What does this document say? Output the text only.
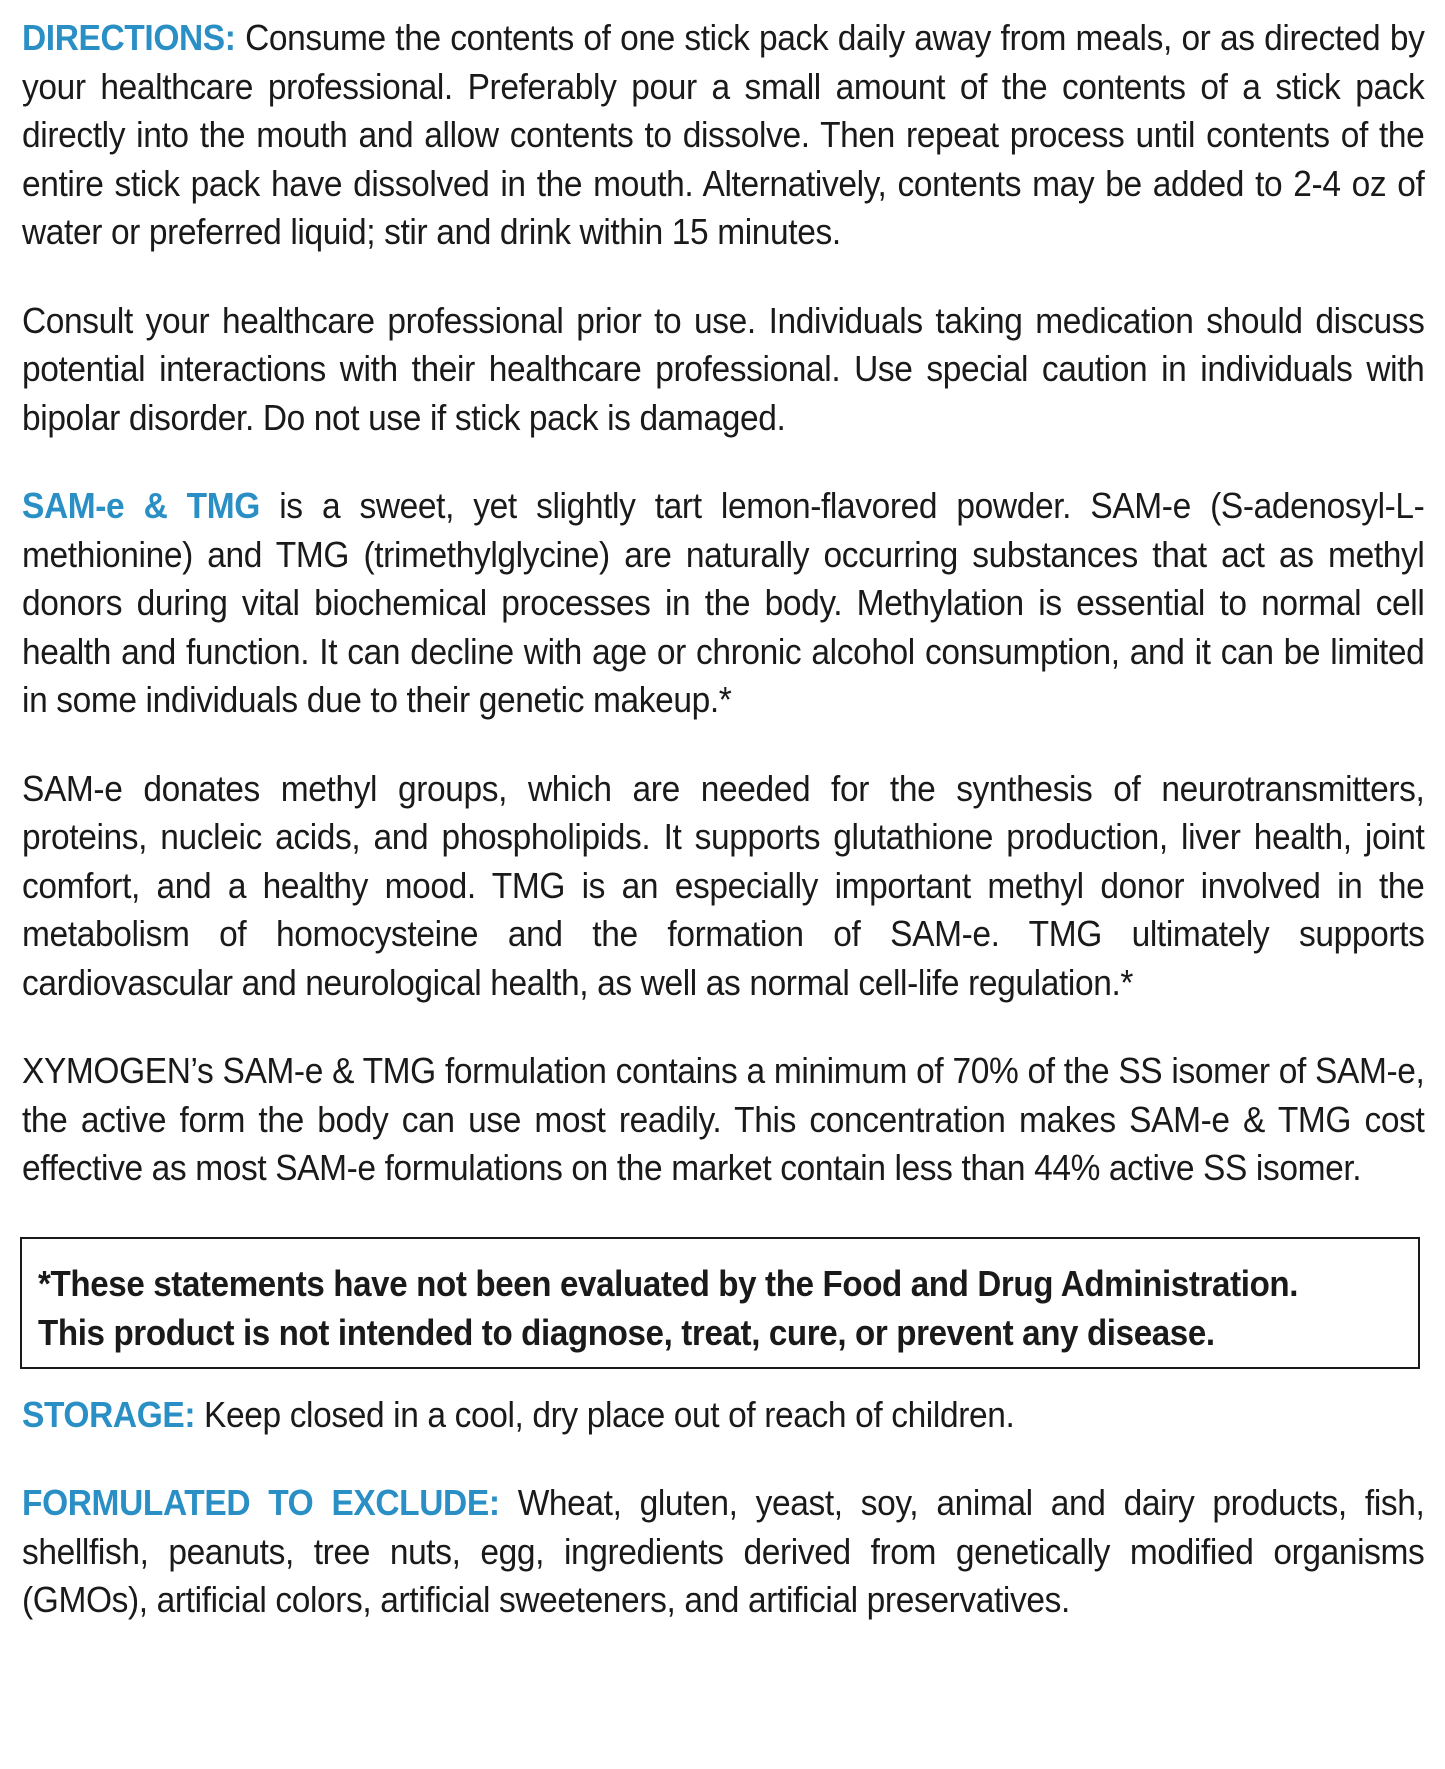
DIRECTIONS: Consume the contents of one stick pack daily away from meals, or as directed by your healthcare professional. Preferably pour a small amount of the contents of a stick pack directly into the mouth and allow contents to dissolve. Then repeat process until contents of the entire stick pack have dissolved in the mouth. Alternatively, contents may be added to 2-4 oz of water or preferred liquid; stir and drink within 15 minutes.

Consult your healthcare professional prior to use. Individuals taking medication should discuss potential interactions with their healthcare professional. Use special caution in individuals with bipolar disorder. Do not use if stick pack is damaged.

SAM-e & TMG is a sweet, yet slightly tart lemon-flavored powder. SAM-e (S-adenosyl-L-methionine) and TMG (trimethylglycine) are naturally occurring substances that act as methyl donors during vital biochemical processes in the body. Methylation is essential to normal cell health and function. It can decline with age or chronic alcohol consumption, and it can be limited in some individuals due to their genetic makeup.*

SAM-e donates methyl groups, which are needed for the synthesis of neurotransmitters, proteins, nucleic acids, and phospholipids. It supports glutathione production, liver health, joint comfort, and a healthy mood. TMG is an especially important methyl donor involved in the metabolism of homocysteine and the formation of SAM-e. TMG ultimately supports cardiovascular and neurological health, as well as normal cell-life regulation.*

XYMOGEN’s SAM-e & TMG formulation contains a minimum of 70% of the SS isomer of SAM-e, the active form the body can use most readily. This concentration makes SAM-e & TMG cost effective as most SAM-e formulations on the market contain less than 44% active SS isomer.

*These statements have not been evaluated by the Food and Drug Administration.

This product is not intended to diagnose, treat, cure, or prevent any disease.

STORAGE: Keep closed in a cool, dry place out of reach of children.

FORMULATED TO EXCLUDE: Wheat, gluten, yeast, soy, animal and dairy products, fish, shellfish, peanuts, tree nuts, egg, ingredients derived from genetically modified organisms (GMOs), artificial colors, artificial sweeteners, and artificial preservatives.
